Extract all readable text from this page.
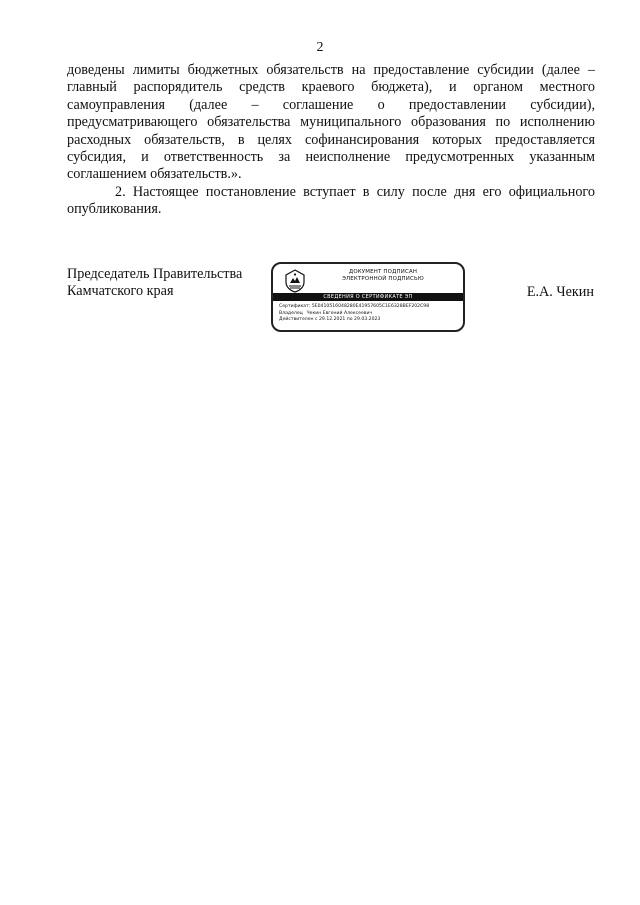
2

доведены лимиты бюджетных обязательств на предоставление субсидии (далее – главный распорядитель средств краевого бюджета), и органом местного самоуправления (далее – соглашение о предоставлении субсидии), предусматривающего обязательства муниципального образования по исполнению расходных обязательств, в целях софинансирования которых предоставляется субсидия, и ответственность за неисполнение предусмотренных указанным соглашением обязательств.».

2. Настоящее постановление вступает в силу после дня его официального опубликования.

Председатель Правительства
Камчатского края
ДОКУМЕНТ ПОДПИСАН
ЭЛЕКТРОННОЙ ПОДПИСЬЮ
СВЕДЕНИЯ О СЕРТИФИКАТЕ ЭП
Сертификат: 5E0410516048280E41957605C1E6328BEF202C98
Владелец Чекин Евгений Алексеевич
Действителен с 29.12.2021 по 29.03.2023
Е.А. Чекин
